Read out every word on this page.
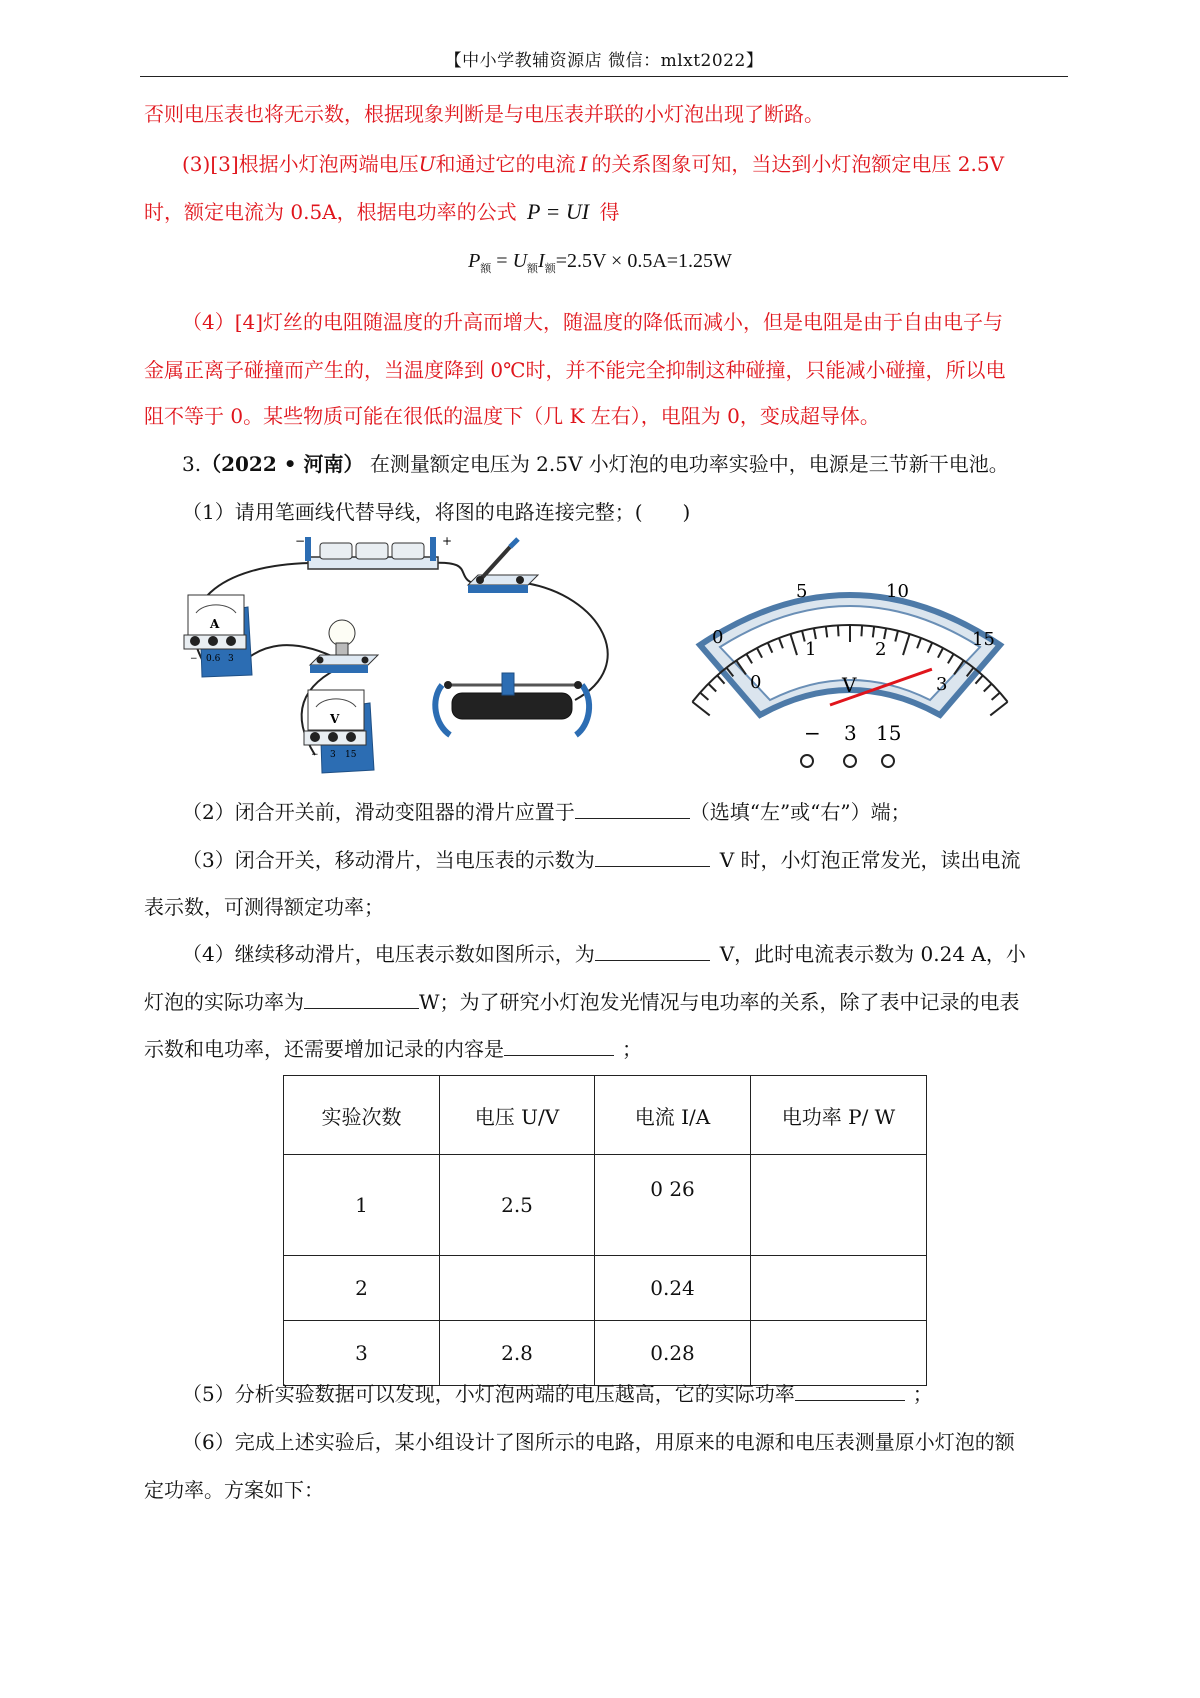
【中小学教辅资源店 微信：mlxt2022】
否则电压表也将无示数，根据现象判断是与电压表并联的小灯泡出现了断路。
(3)[3]根据小灯泡两端电压U和通过它的电流 I 的关系图象可知，当达到小灯泡额定电压 2.5V
时，额定电流为 0.5A，根据电功率的公式 P = UI 得
$P_额 = U_额I_额=2.5V \times 0.5A=1.25W$
（4）[4]灯丝的电阻随温度的升高而增大，随温度的降低而减小，但是电阻是由于自由电子与
金属正离子碰撞而产生的，当温度降到 0℃时，并不能完全抑制这种碰撞，只能减小碰撞，所以电
阻不等于 0。某些物质可能在很低的温度下（几 K 左右），电阻为 0，变成超导体。
3.（2022 • 河南） 在测量额定电压为 2.5V 小灯泡的电功率实验中，电源是三节新干电池。
（1）请用笔画线代替导线，将图的电路连接完整；(　　)
−	+
A
− 0.6 3
V
− 3 15
0
5	10
15
0
1	2
3
V
− 3 15
（2）闭合开关前，滑动变阻器的滑片应置于	（选填“左”或“右”）端；
（3）闭合开关，移动滑片，当电压表的示数为	V 时，小灯泡正常发光，读出电流
表示数，可测得额定功率；
（4）继续移动滑片，电压表示数如图所示，为	V，此时电流表示数为 0.24 A，小
灯泡的实际功率为	W；为了研究小灯泡发光情况与电功率的关系，除了表中记录的电表
示数和电功率，还需要增加记录的内容是	；
实验次数	电压 U/V	电流 I/A	电功率 P/ W
1	2.5	0 26	
2		0.24	
3	2.8	0.28	
（5）分析实验数据可以发现，小灯泡两端的电压越高，它的实际功率	；
（6）完成上述实验后，某小组设计了图所示的电路，用原来的电源和电压表测量原小灯泡的额
定功率。方案如下：
